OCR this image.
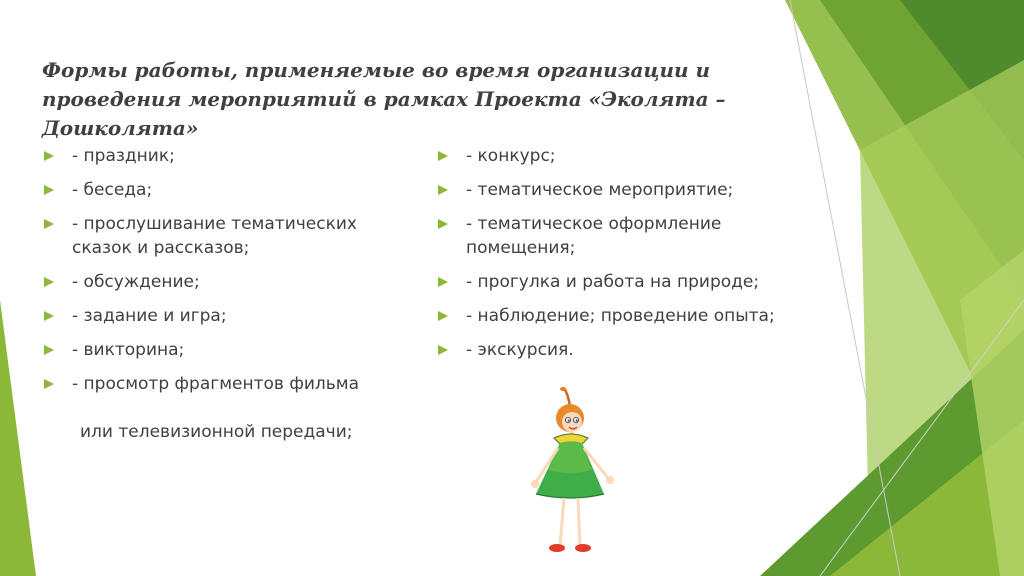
Формы работы, применяемые во время организации и проведения мероприятий в рамках Проекта «Эколята – Дошколята»
- праздник;
- беседа;
- прослушивание тематических сказок и рассказов;
- обсуждение;
- задание и игра;
- викторина;
- просмотр фрагментов фильма
или телевизионной передачи;
- конкурс;
- тематическое мероприятие;
- тематическое оформление помещения;
- прогулка и работа на природе;
- наблюдение; проведение опыта;
- экскурсия.
